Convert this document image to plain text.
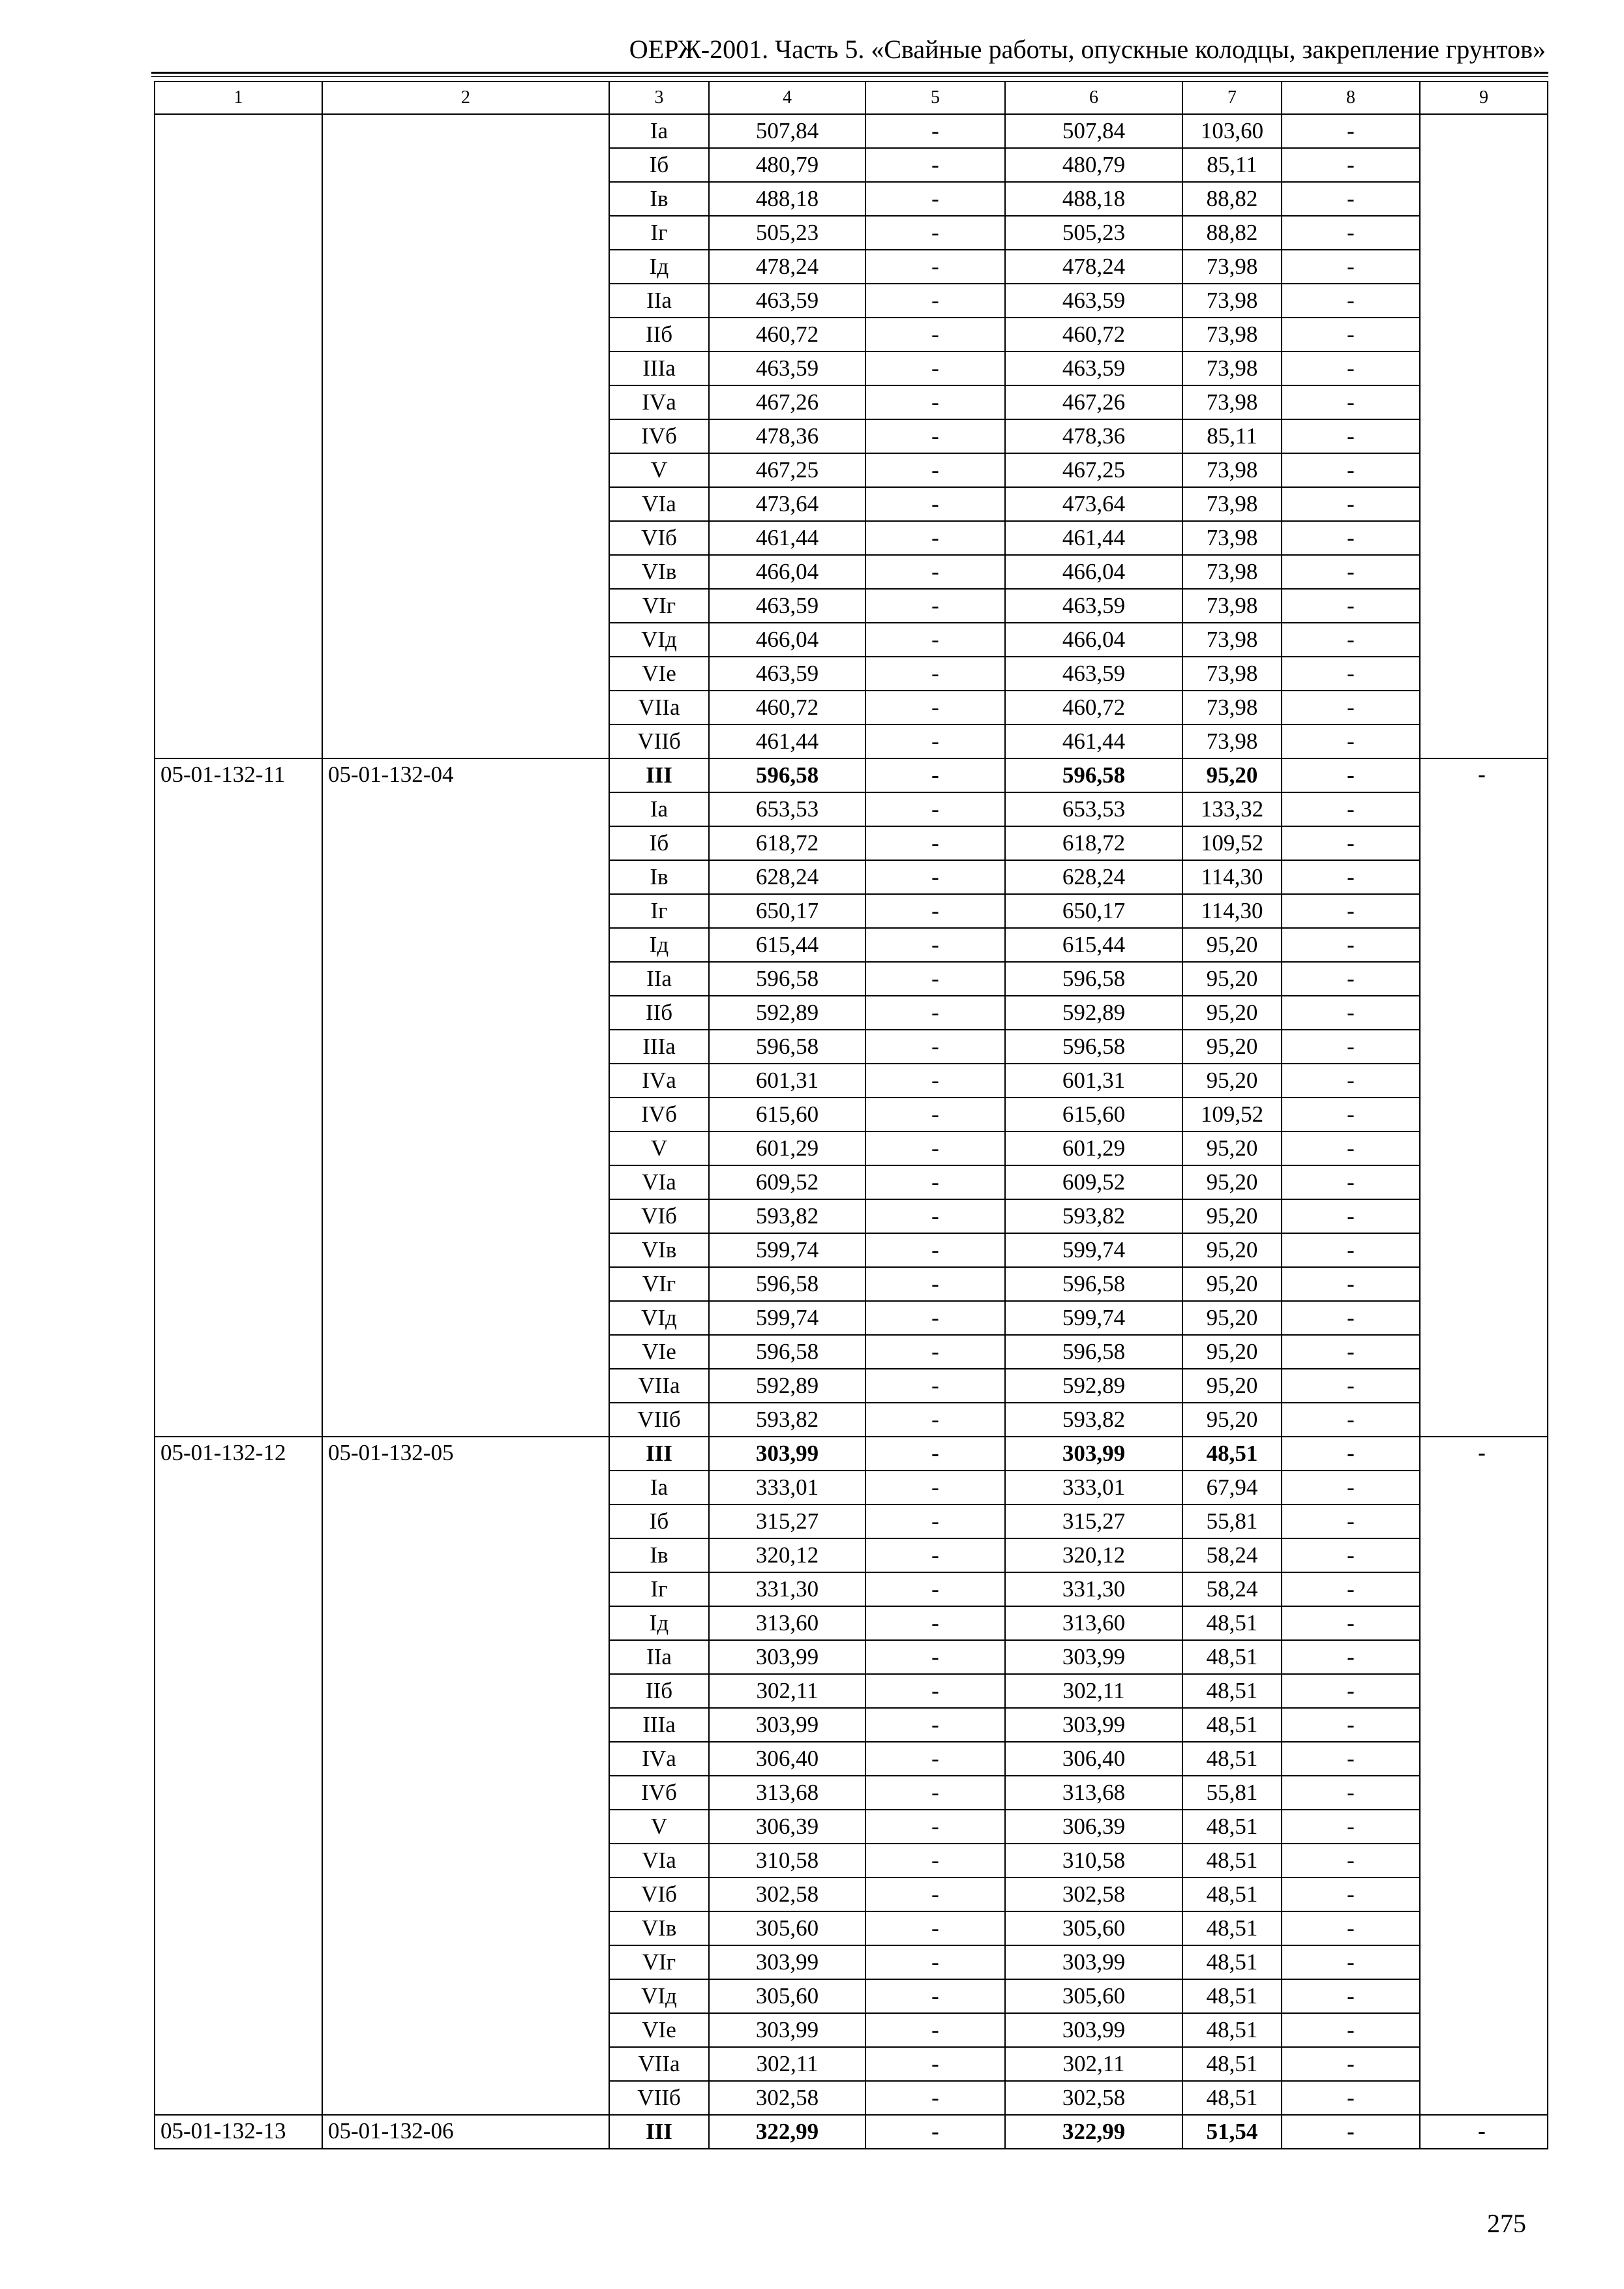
ОЕРЖ-2001. Часть 5. «Свайные работы, опускные колодцы, закрепление грунтов»
1	2	3	4	5	6	7	8	9
		Iа	507,84	-	507,84	103,60	-	
		Iб	480,79	-	480,79	85,11	-	
		Iв	488,18	-	488,18	88,82	-	
		Iг	505,23	-	505,23	88,82	-	
		Iд	478,24	-	478,24	73,98	-	
		IIа	463,59	-	463,59	73,98	-	
		IIб	460,72	-	460,72	73,98	-	
		IIIа	463,59	-	463,59	73,98	-	
		IVа	467,26	-	467,26	73,98	-	
		IVб	478,36	-	478,36	85,11	-	
		V	467,25	-	467,25	73,98	-	
		VIа	473,64	-	473,64	73,98	-	
		VIб	461,44	-	461,44	73,98	-	
		VIв	466,04	-	466,04	73,98	-	
		VIг	463,59	-	463,59	73,98	-	
		VIд	466,04	-	466,04	73,98	-	
		VIе	463,59	-	463,59	73,98	-	
		VIIа	460,72	-	460,72	73,98	-	
		VIIб	461,44	-	461,44	73,98	-	
05-01-132-11	05-01-132-04	III	596,58	-	596,58	95,20	-	-
		Iа	653,53	-	653,53	133,32	-	
		Iб	618,72	-	618,72	109,52	-	
		Iв	628,24	-	628,24	114,30	-	
		Iг	650,17	-	650,17	114,30	-	
		Iд	615,44	-	615,44	95,20	-	
		IIа	596,58	-	596,58	95,20	-	
		IIб	592,89	-	592,89	95,20	-	
		IIIа	596,58	-	596,58	95,20	-	
		IVа	601,31	-	601,31	95,20	-	
		IVб	615,60	-	615,60	109,52	-	
		V	601,29	-	601,29	95,20	-	
		VIа	609,52	-	609,52	95,20	-	
		VIб	593,82	-	593,82	95,20	-	
		VIв	599,74	-	599,74	95,20	-	
		VIг	596,58	-	596,58	95,20	-	
		VIд	599,74	-	599,74	95,20	-	
		VIе	596,58	-	596,58	95,20	-	
		VIIа	592,89	-	592,89	95,20	-	
		VIIб	593,82	-	593,82	95,20	-	
05-01-132-12	05-01-132-05	III	303,99	-	303,99	48,51	-	-
		Iа	333,01	-	333,01	67,94	-	
		Iб	315,27	-	315,27	55,81	-	
		Iв	320,12	-	320,12	58,24	-	
		Iг	331,30	-	331,30	58,24	-	
		Iд	313,60	-	313,60	48,51	-	
		IIа	303,99	-	303,99	48,51	-	
		IIб	302,11	-	302,11	48,51	-	
		IIIа	303,99	-	303,99	48,51	-	
		IVа	306,40	-	306,40	48,51	-	
		IVб	313,68	-	313,68	55,81	-	
		V	306,39	-	306,39	48,51	-	
		VIа	310,58	-	310,58	48,51	-	
		VIб	302,58	-	302,58	48,51	-	
		VIв	305,60	-	305,60	48,51	-	
		VIг	303,99	-	303,99	48,51	-	
		VIд	305,60	-	305,60	48,51	-	
		VIе	303,99	-	303,99	48,51	-	
		VIIа	302,11	-	302,11	48,51	-	
		VIIб	302,58	-	302,58	48,51	-	
05-01-132-13	05-01-132-06	III	322,99	-	322,99	51,54	-	-
275
